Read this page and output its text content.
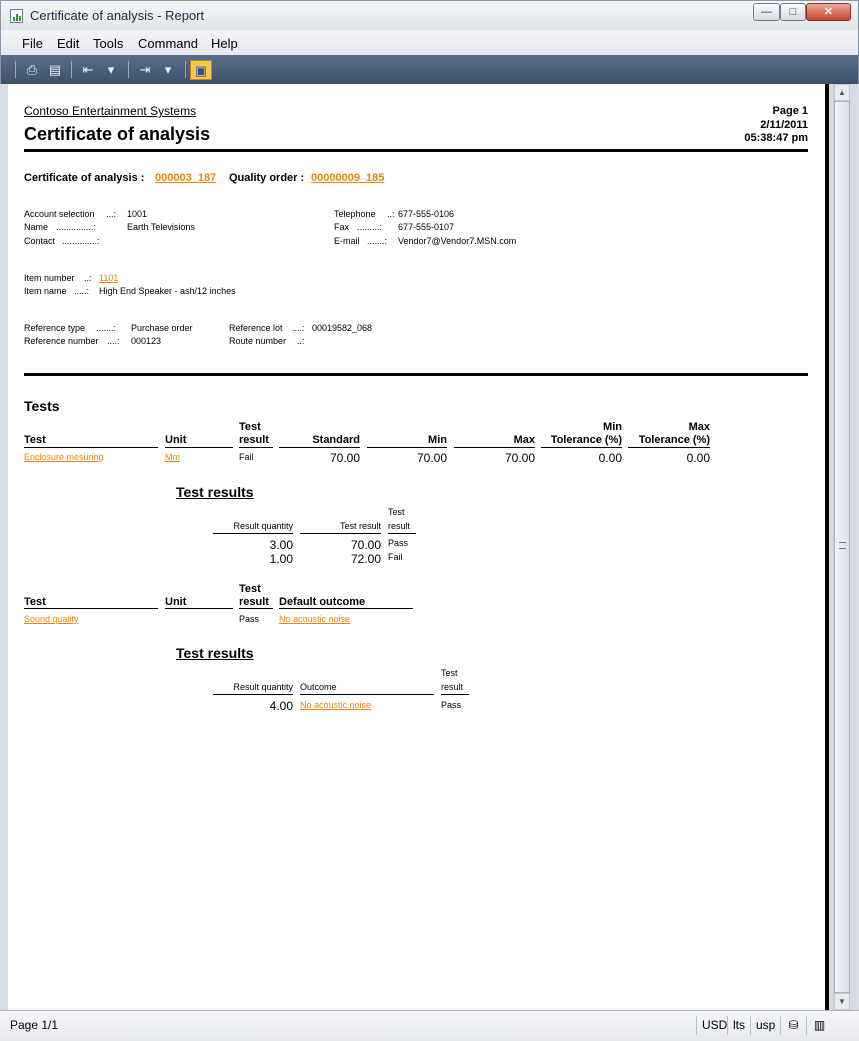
Certificate of analysis - Report	—	□	✕
File Edit Tools Command Help
⎙ ▤	⇤	▾	⇥	▾	▣
Contoso Entertainment Systems
Certificate of analysis
Page 1
2/11/2011
05:38:47 pm
Certificate of analysis : 000003_187 Quality order : 00000009_185
Account selection ...: 1001
Name ...............:	Earth Televisions
Contact ..............:
Telephone ..: 677-555-0106
Fax .........: 677-555-0107
E-mail .......: Vendor7@Vendor7.MSN.com
Item number ..: 1101
Item name .....: High End Speaker - ash/12 inches
Reference type .......: Purchase order
Reference number ....: 000123
Reference lot ....: 00019582_068
Route number ..:
Tests
Test	Unit
Test
result	Standard	Min	Max
Min
Tolerance (%)
Max
Tolerance (%)
Enclosure mesuring	Mm	Fail	70.00	70.00	70.00	0.00	0.00
Test results
Result quantity	Test result
Test
result
3.00	70.00 Pass
1.00	72.00 Fail
Test	Unit
Test
result Default outcome
Sound quality	Pass No acoustic noise
Test results
Result quantity Outcome
Test
result
4.00 No acoustic noise	Pass
▲
▼
Page 1/1	USD lts usp	⛁	▥
